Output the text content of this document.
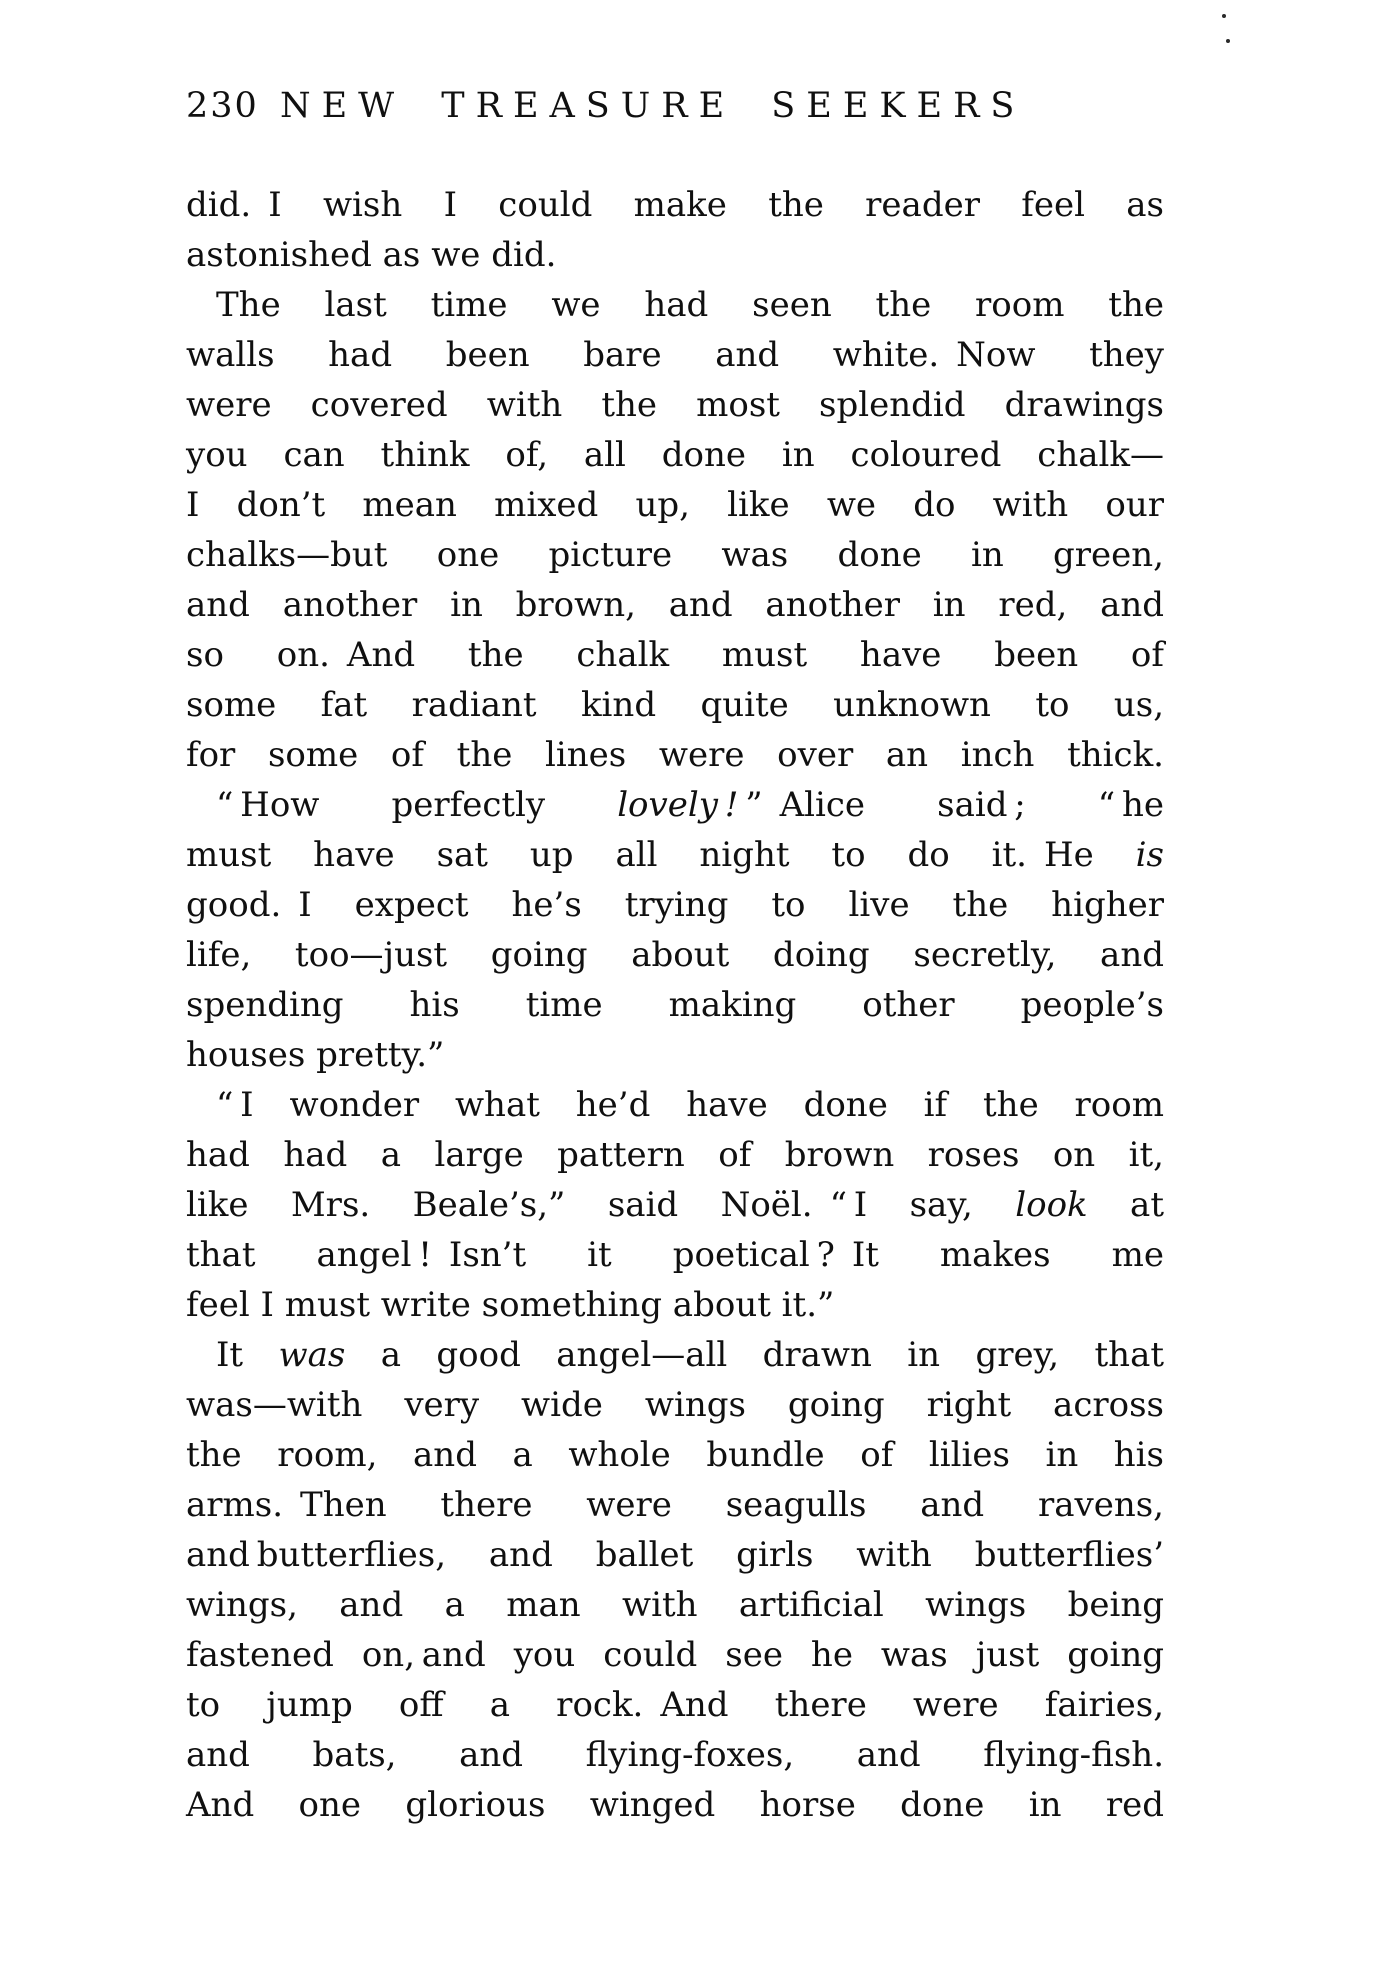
230 NEW TREASURE SEEKERS
did. I wish I could make the reader feel as
astonished as we did.
The last time we had seen the room the
walls had been bare and white. Now they
were covered with the most splendid drawings
you can think of, all done in coloured chalk—
I don’t mean mixed up, like we do with our
chalks—but one picture was done in green,
and another in brown, and another in red, and
so on. And the chalk must have been of
some fat radiant kind quite unknown to us,
for some of the lines were over an inch thick.
“ How perfectly lovely ! ” Alice said ; “ he
must have sat up all night to do it. He is
good. I expect he’s trying to live the higher
life, too—just going about doing secretly, and
spending his time making other people’s
houses pretty.”
“ I wonder what he’d have done if the room
had had a large pattern of brown roses on it,
like Mrs. Beale’s,” said Noël. “ I say, look at
that angel ! Isn’t it poetical ? It makes me
feel I must write something about it.”
It was a good angel—all drawn in grey, that
was—with very wide wings going right across
the room, and a whole bundle of lilies in his
arms. Then there were seagulls and ravens,
and butterflies, and ballet girls with butterflies’
wings, and a man with artificial wings being
fastened on, and you could see he was just going
to jump off a rock. And there were fairies,
and bats, and flying-foxes, and flying-fish.
And one glorious winged horse done in red
